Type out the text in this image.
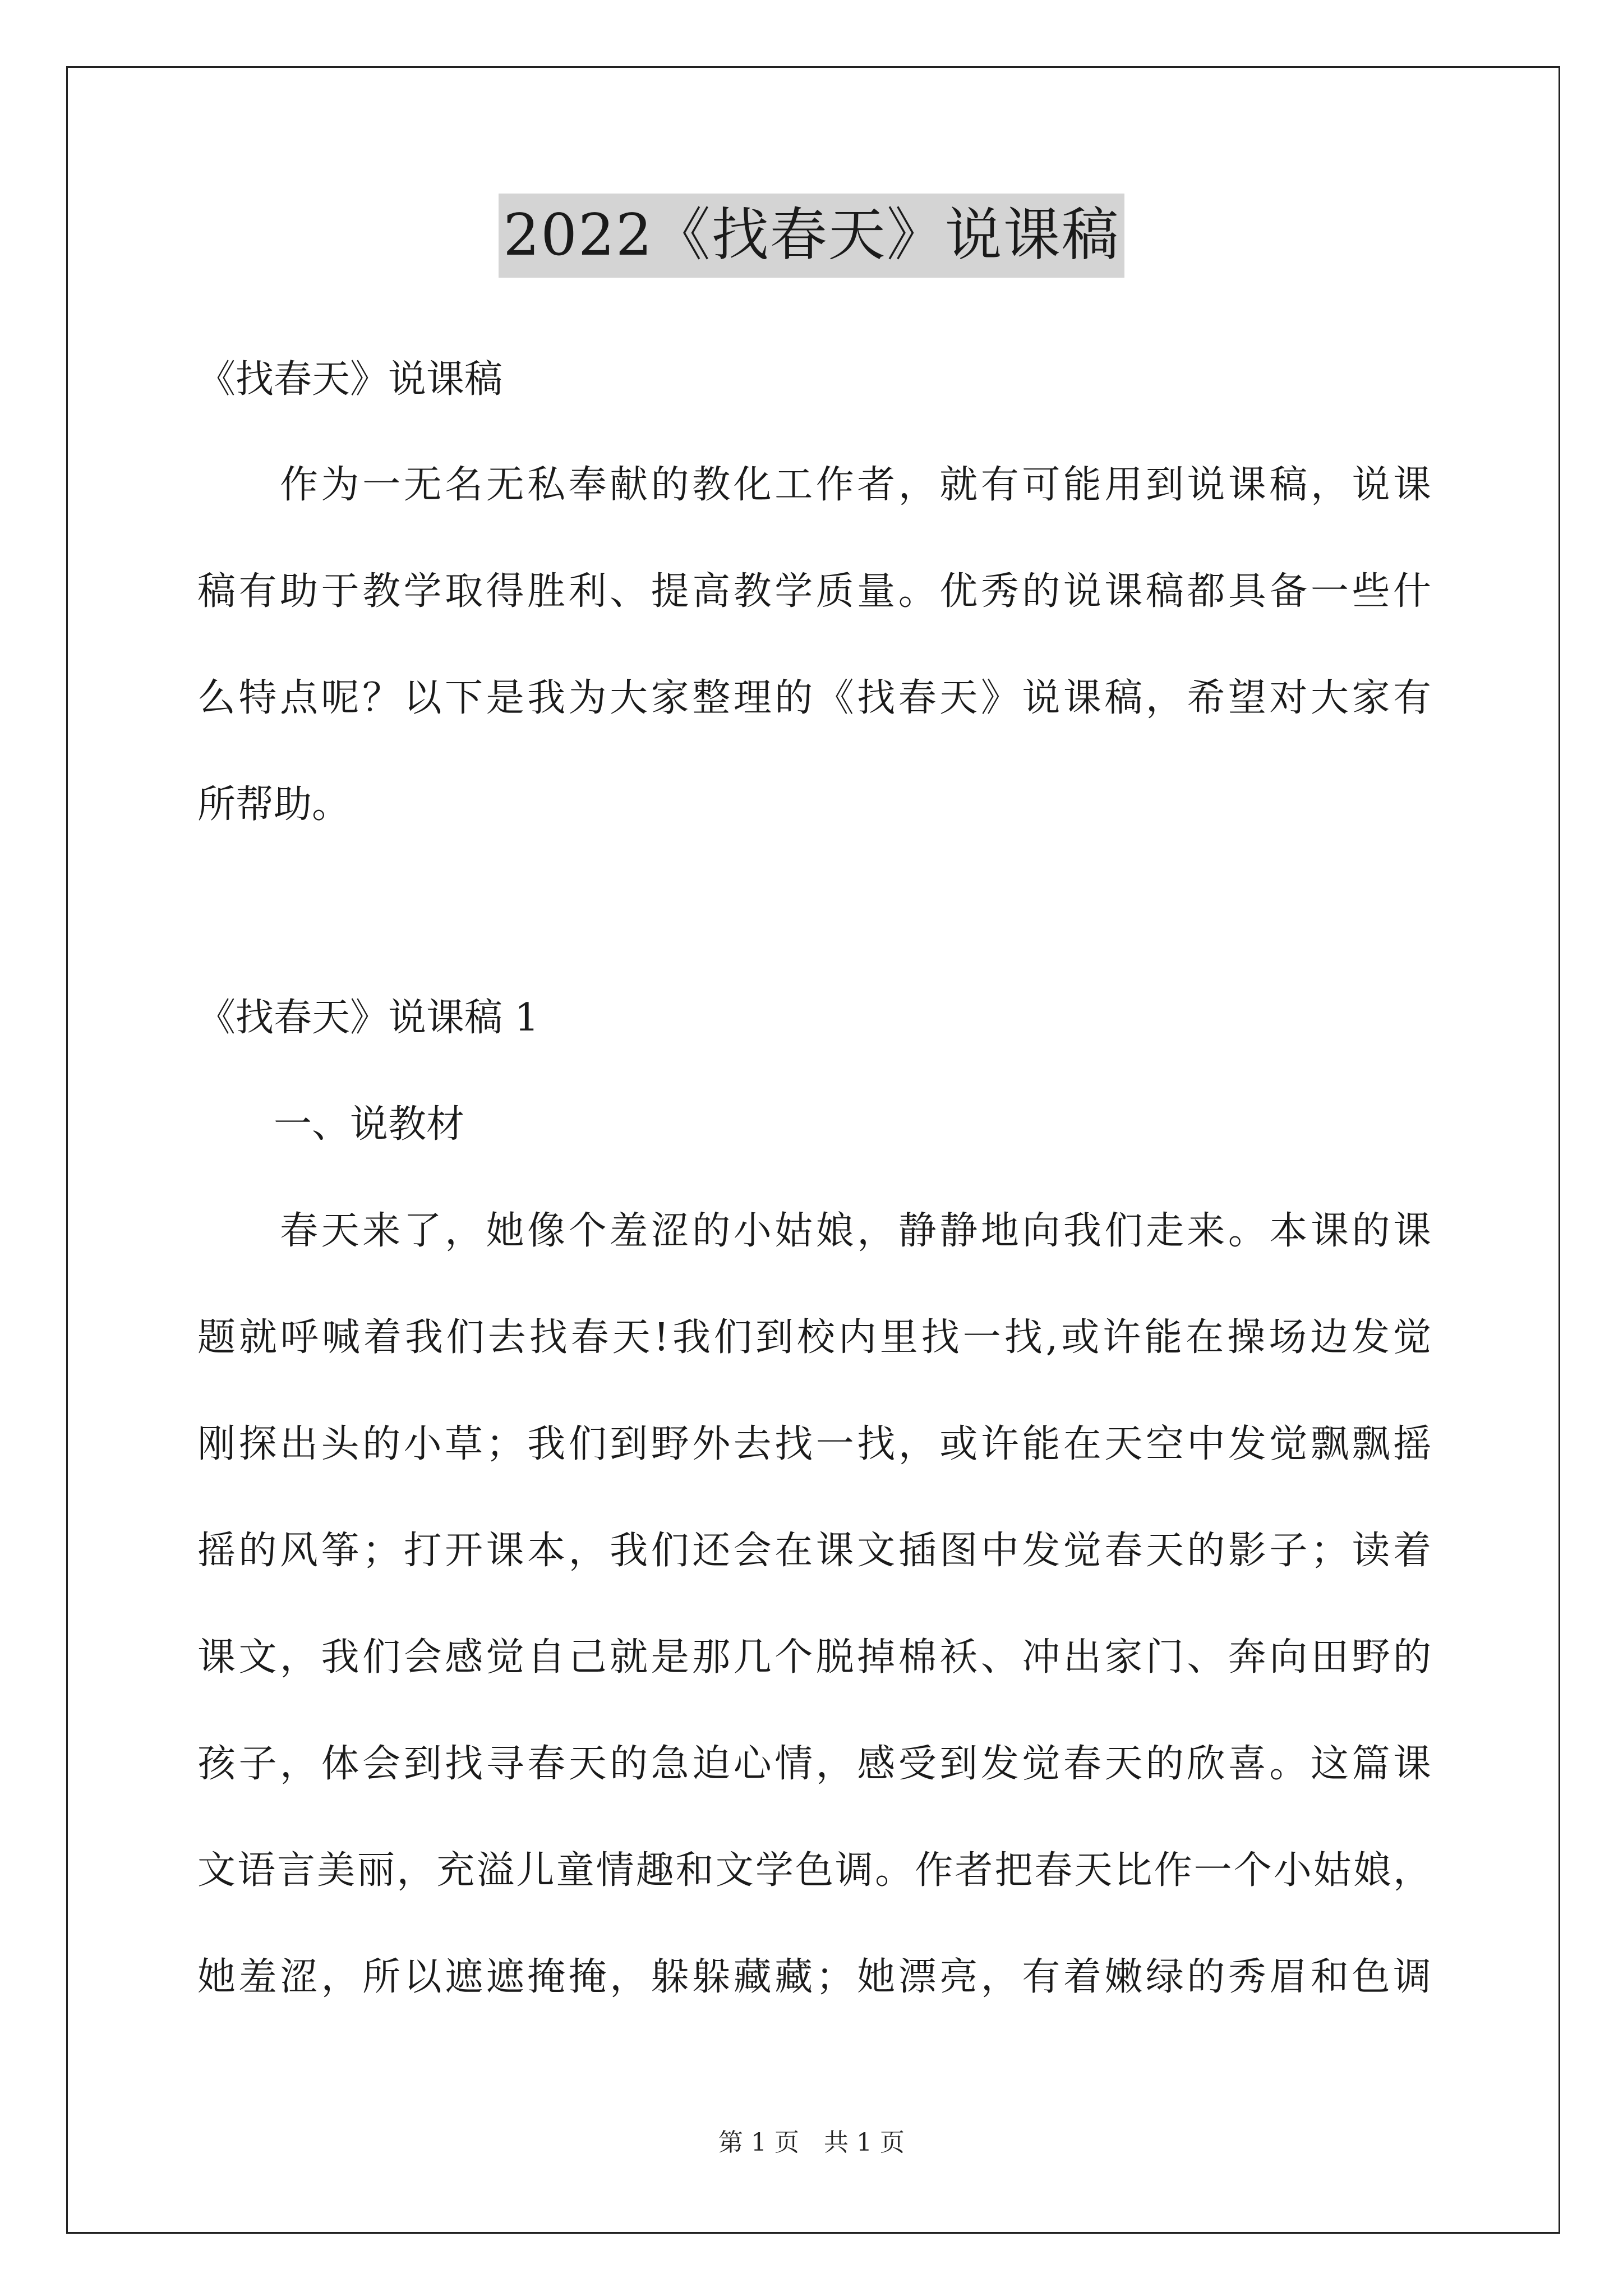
2022《找春天》说课稿
《找春天》说课稿
　　作为一无名无私奉献的教化工作者，就有可能用到说课稿，说课
稿有助于教学取得胜利、提高教学质量。优秀的说课稿都具备一些什
么特点呢？以下是我为大家整理的《找春天》说课稿，希望对大家有
所帮助。
《找春天》说课稿 1
　　一、说教材
　　春天来了，她像个羞涩的小姑娘，静静地向我们走来。本课的课
题就呼喊着我们去找春天!我们到校内里找一找,或许能在操场边发觉
刚探出头的小草；我们到野外去找一找，或许能在天空中发觉飘飘摇
摇的风筝；打开课本，我们还会在课文插图中发觉春天的影子；读着
课文，我们会感觉自己就是那几个脱掉棉袄、冲出家门、奔向田野的
孩子，体会到找寻春天的急迫心情，感受到发觉春天的欣喜。这篇课
文语言美丽，充溢儿童情趣和文学色调。作者把春天比作一个小姑娘，
她羞涩，所以遮遮掩掩，躲躲藏藏；她漂亮，有着嫩绿的秀眉和色调
第 1 页　共 1 页
